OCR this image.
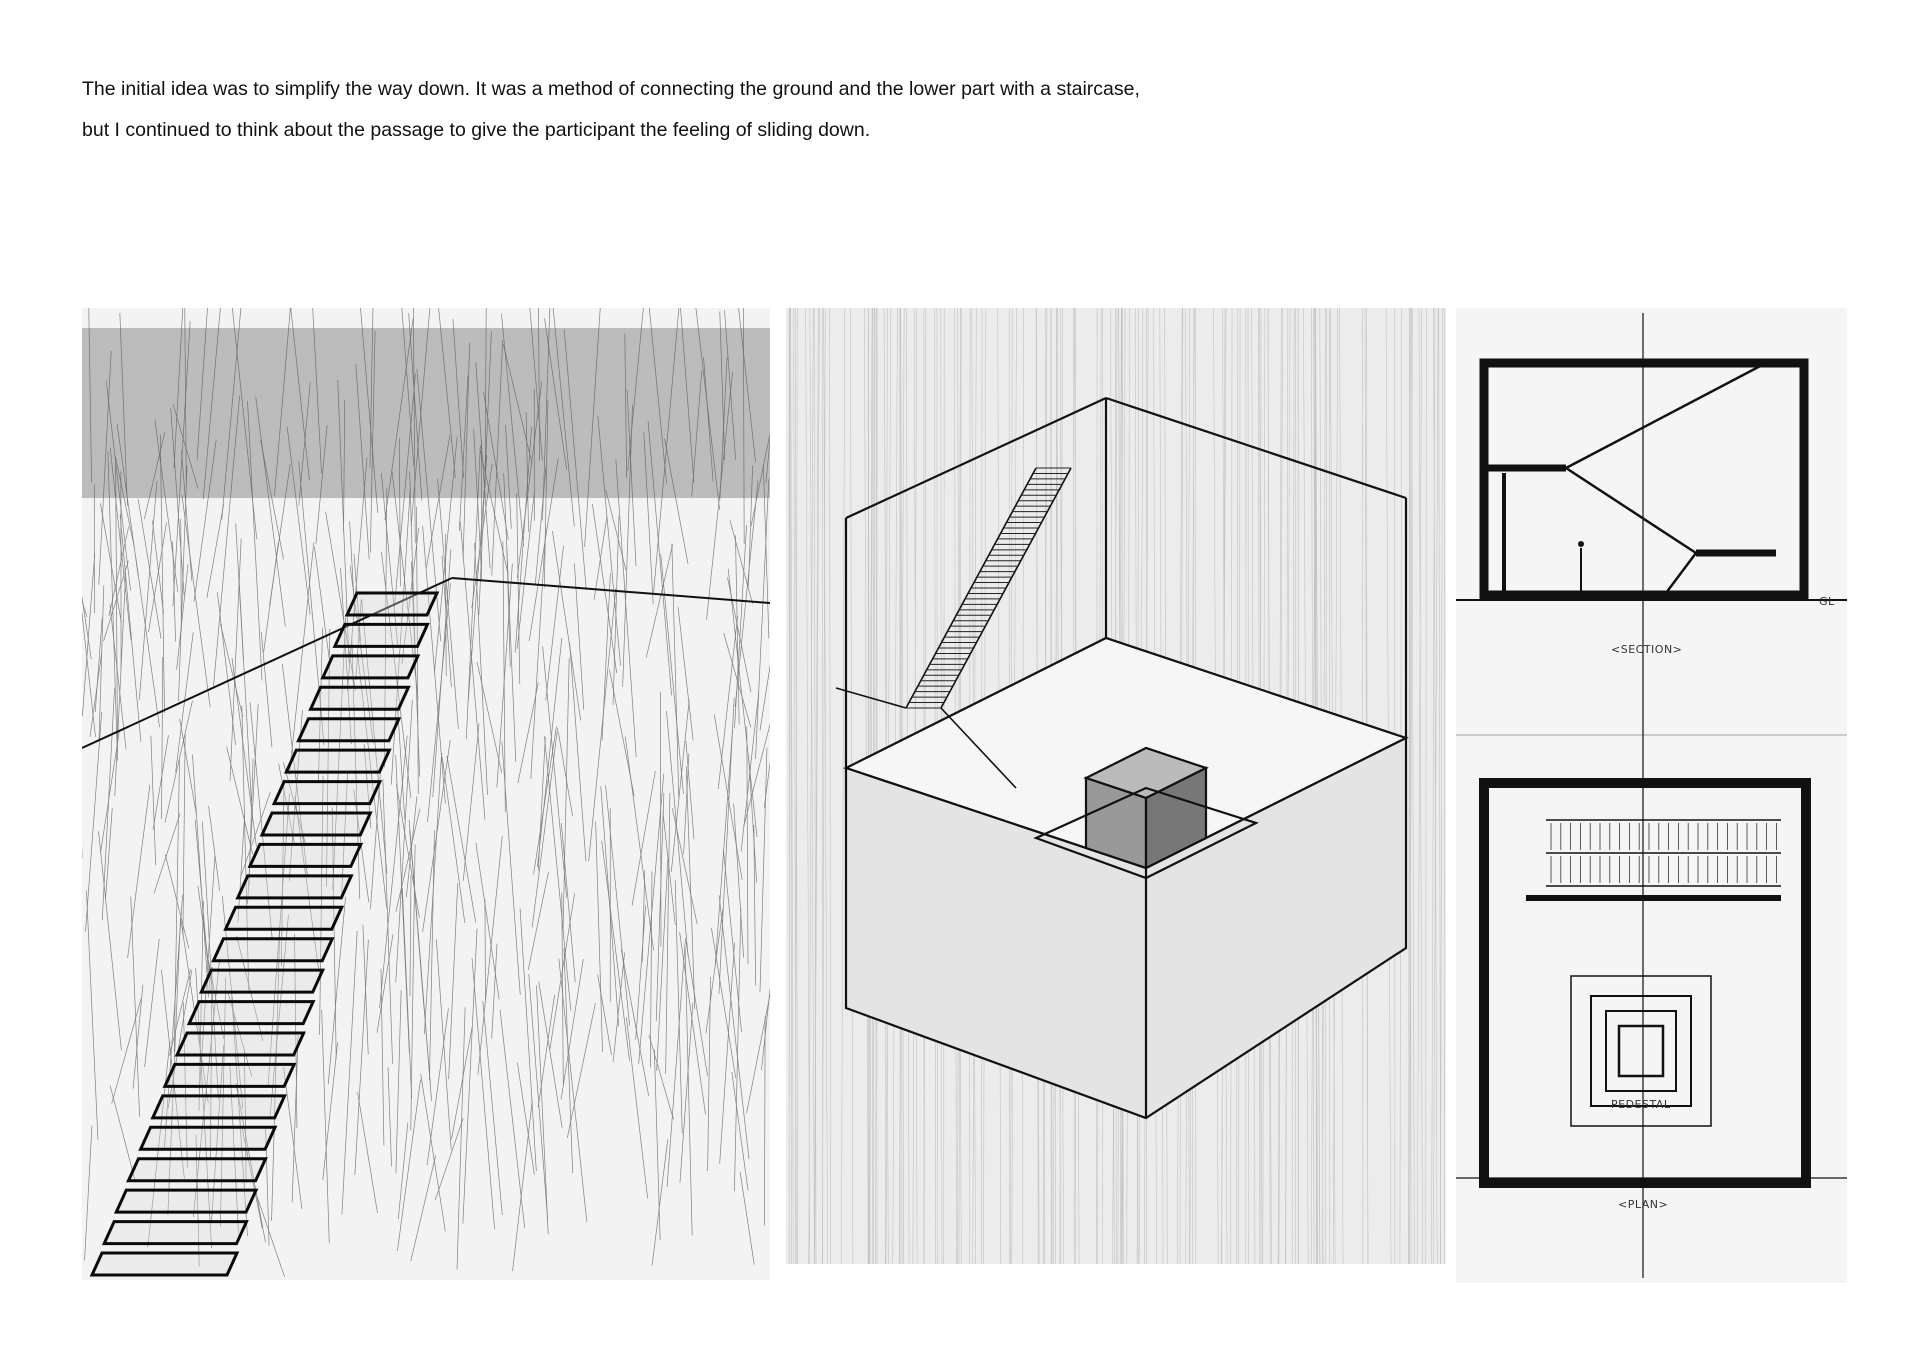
The initial idea was to simplify the way down. It was a method of connecting the ground and the lower part with a staircase,

but I continued to think about the passage to give the participant the feeling of sliding down.

GL
<SECTION>
PEDESTAL
<PLAN>
